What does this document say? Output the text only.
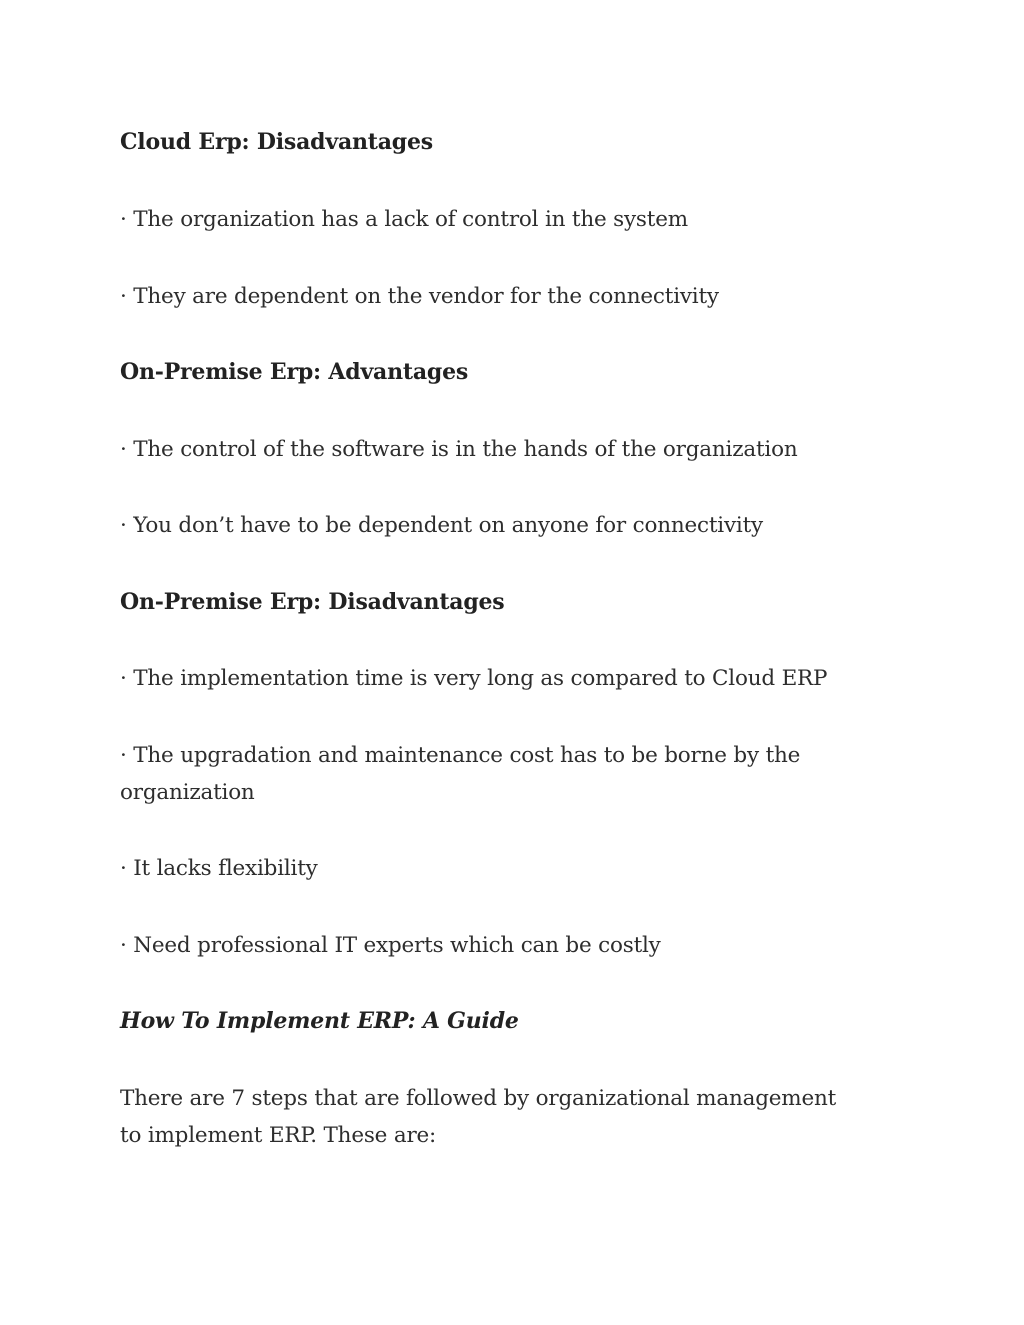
Cloud Erp: Disadvantages
· The organization has a lack of control in the system
· They are dependent on the vendor for the connectivity
On-Premise Erp: Advantages
· The control of the software is in the hands of the organization
· You don’t have to be dependent on anyone for connectivity
On-Premise Erp: Disadvantages
· The implementation time is very long as compared to Cloud ERP
· The upgradation and maintenance cost has to be borne by the organization
· It lacks flexibility
· Need professional IT experts which can be costly
How To Implement ERP: A Guide
There are 7 steps that are followed by organizational management to implement ERP. These are:
